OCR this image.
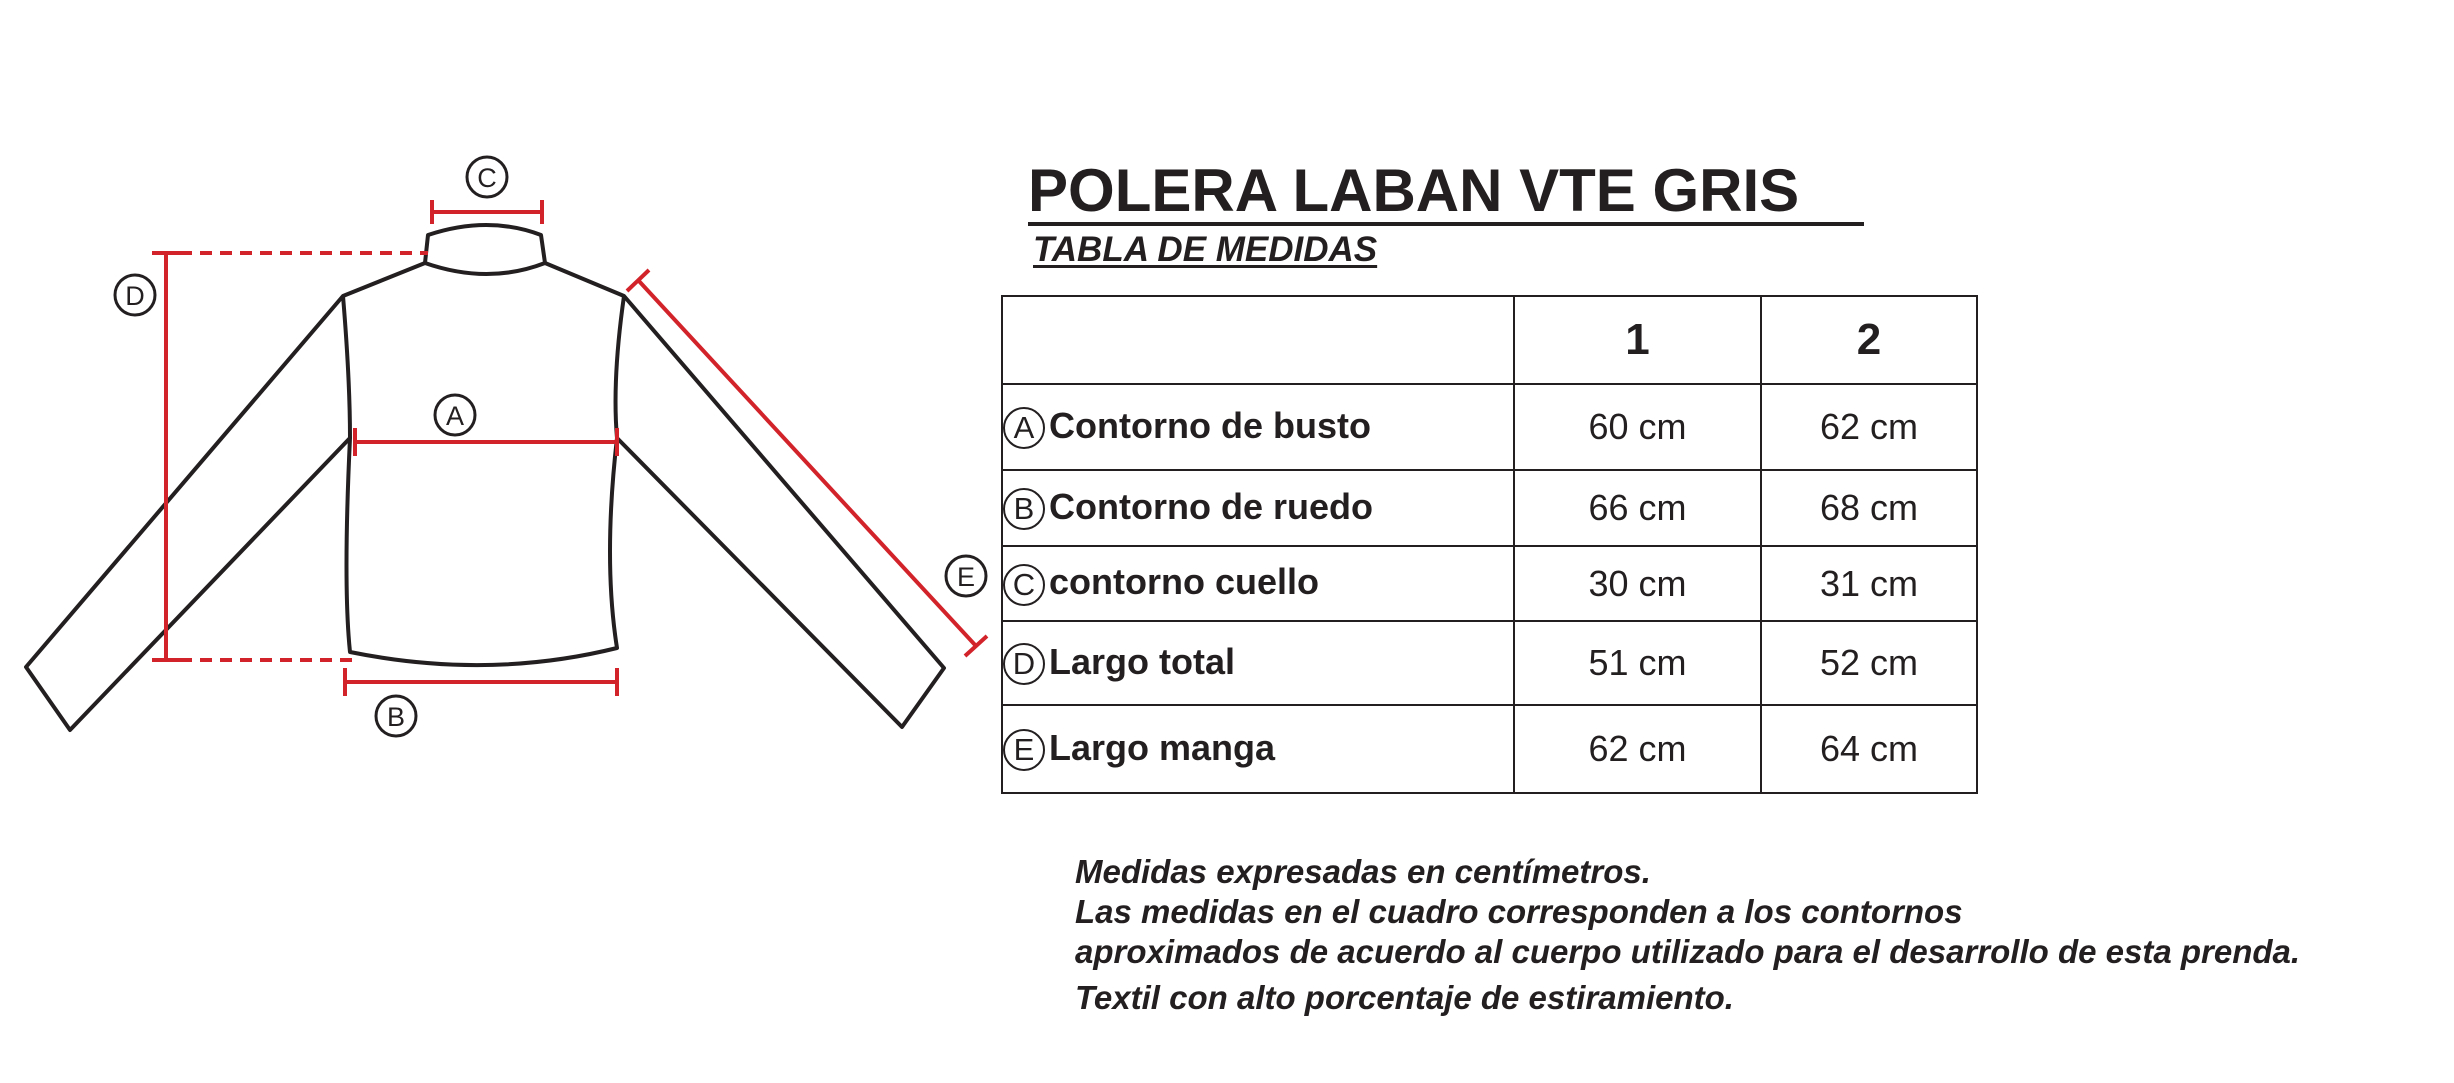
C
D
A
E
B
POLERA LABAN VTE GRIS
TABLA DE MEDIDAS
	1	2
A Contorno de busto	60 cm	62 cm
B Contorno de ruedo	66 cm	68 cm
C contorno cuello	30 cm	31 cm
D Largo total	51 cm	52 cm
E Largo manga	62 cm	64 cm
Medidas expresadas en centímetros.
Las medidas en el cuadro corresponden a los contornos
aproximados de acuerdo al cuerpo utilizado para el desarrollo de esta prenda.
Textil con alto porcentaje de estiramiento.
